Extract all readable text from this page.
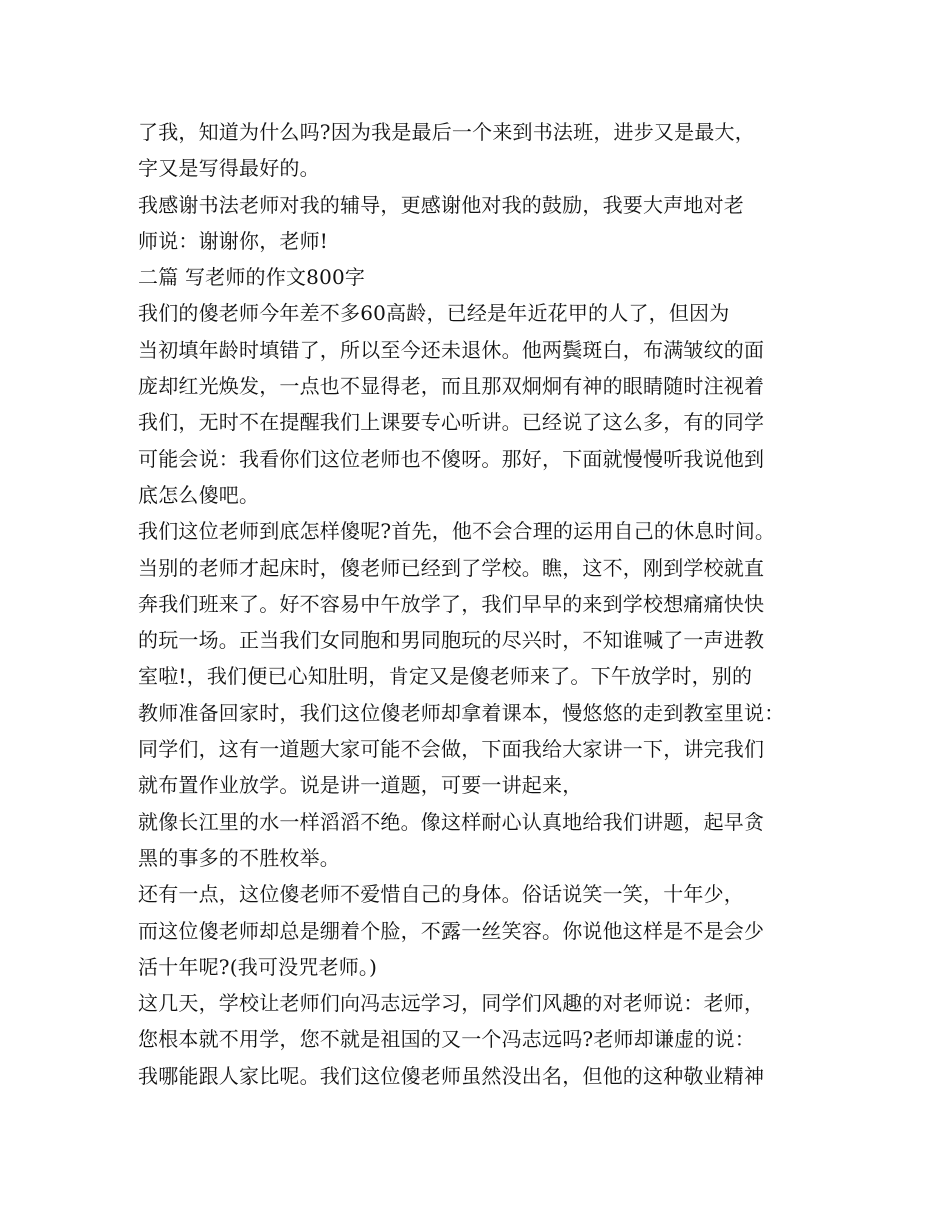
了我，知道为什么吗?因为我是最后一个来到书法班，进步又是最大，
字又是写得最好的。
我感谢书法老师对我的辅导，更感谢他对我的鼓励，我要大声地对老
师说：谢谢你，老师!
二篇 写老师的作文800字
我们的傻老师今年差不多60高龄，已经是年近花甲的人了，但因为
当初填年龄时填错了，所以至今还未退休。他两鬓斑白，布满皱纹的面
庞却红光焕发，一点也不显得老，而且那双炯炯有神的眼睛随时注视着
我们，无时不在提醒我们上课要专心听讲。已经说了这么多，有的同学
可能会说：我看你们这位老师也不傻呀。那好，下面就慢慢听我说他到
底怎么傻吧。
我们这位老师到底怎样傻呢?首先，他不会合理的运用自己的休息时间。
当别的老师才起床时，傻老师已经到了学校。瞧，这不，刚到学校就直
奔我们班来了。好不容易中午放学了，我们早早的来到学校想痛痛快快
的玩一场。正当我们女同胞和男同胞玩的尽兴时，不知谁喊了一声进教
室啦!，我们便已心知肚明，肯定又是傻老师来了。下午放学时，别的
教师准备回家时，我们这位傻老师却拿着课本，慢悠悠的走到教室里说：
同学们，这有一道题大家可能不会做，下面我给大家讲一下，讲完我们
就布置作业放学。说是讲一道题，可要一讲起来，
就像长江里的水一样滔滔不绝。像这样耐心认真地给我们讲题，起早贪
黑的事多的不胜枚举。
还有一点，这位傻老师不爱惜自己的身体。俗话说笑一笑，十年少，
而这位傻老师却总是绷着个脸，不露一丝笑容。你说他这样是不是会少
活十年呢?(我可没咒老师。)
这几天，学校让老师们向冯志远学习，同学们风趣的对老师说：老师，
您根本就不用学，您不就是祖国的又一个冯志远吗?老师却谦虚的说：
我哪能跟人家比呢。我们这位傻老师虽然没出名，但他的这种敬业精神
